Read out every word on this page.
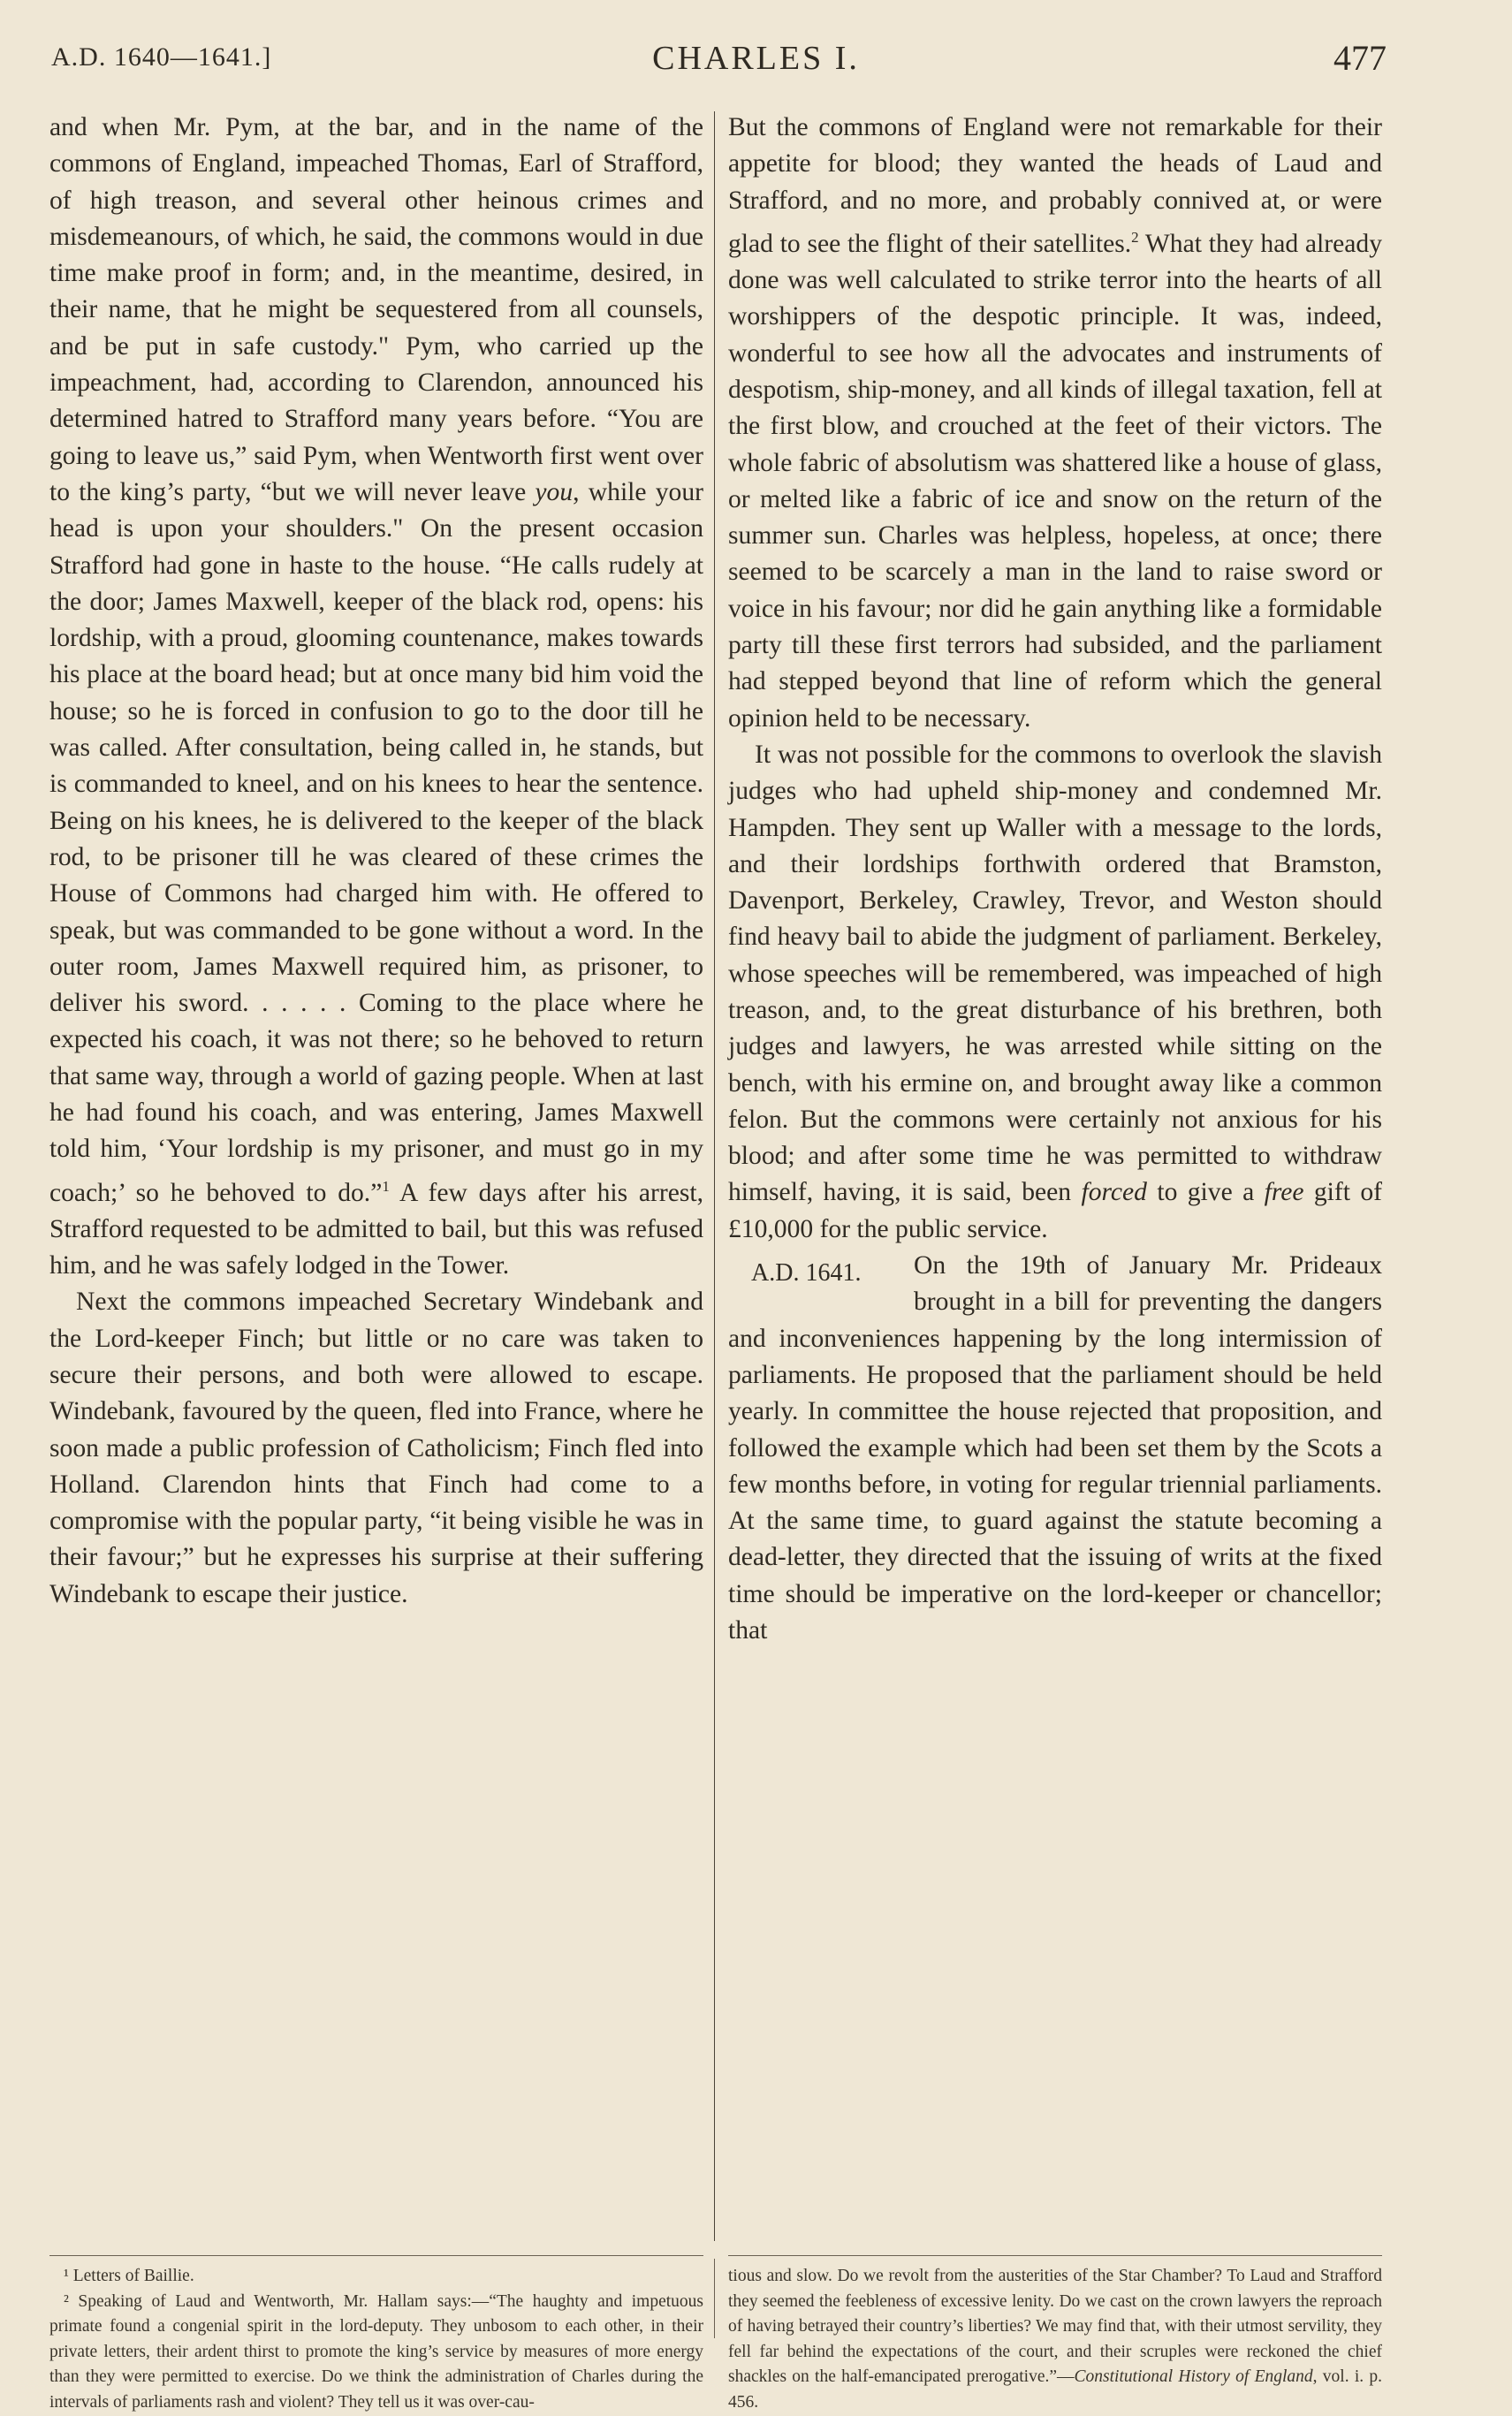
A.D. 1640—1641.]	CHARLES I.	477

and when Mr. Pym, at the bar, and in the name of the commons of England, impeached Thomas, Earl of Strafford, of high treason, and several other heinous crimes and misdemeanours, of which, he said, the commons would in due time make proof in form; and, in the meantime, desired, in their name, that he might be sequestered from all counsels, and be put in safe custody." Pym, who carried up the impeachment, had, according to Clarendon, announced his determined hatred to Strafford many years before. “You are going to leave us,” said Pym, when Wentworth first went over to the king’s party, “but we will never leave you, while your head is upon your shoulders." On the present occasion Strafford had gone in haste to the house. “He calls rudely at the door; James Maxwell, keeper of the black rod, opens: his lordship, with a proud, glooming countenance, makes towards his place at the board head; but at once many bid him void the house; so he is forced in confusion to go to the door till he was called. After consultation, being called in, he stands, but is commanded to kneel, and on his knees to hear the sentence. Being on his knees, he is delivered to the keeper of the black rod, to be prisoner till he was cleared of these crimes the House of Commons had charged him with. He offered to speak, but was commanded to be gone without a word. In the outer room, James Maxwell required him, as prisoner, to deliver his sword. . . . . . Coming to the place where he expected his coach, it was not there; so he behoved to return that same way, through a world of gazing people. When at last he had found his coach, and was entering, James Maxwell told him, ‘Your lordship is my prisoner, and must go in my coach;’ so he behoved to do.”$^1$ A few days after his arrest, Strafford requested to be admitted to bail, but this was refused him, and he was safely lodged in the Tower.

Next the commons impeached Secretary Windebank and the Lord-keeper Finch; but little or no care was taken to secure their persons, and both were allowed to escape. Windebank, favoured by the queen, fled into France, where he soon made a public profession of Catholicism; Finch fled into Holland. Clarendon hints that Finch had come to a compromise with the popular party, “it being visible he was in their favour;” but he expresses his surprise at their suffering Windebank to escape their justice.

But the commons of England were not remarkable for their appetite for blood; they wanted the heads of Laud and Strafford, and no more, and probably connived at, or were glad to see the flight of their satellites.$^2$ What they had already done was well calculated to strike terror into the hearts of all worshippers of the despotic principle. It was, indeed, wonderful to see how all the advocates and instruments of despotism, ship-money, and all kinds of illegal taxation, fell at the first blow, and crouched at the feet of their victors. The whole fabric of absolutism was shattered like a house of glass, or melted like a fabric of ice and snow on the return of the summer sun. Charles was helpless, hopeless, at once; there seemed to be scarcely a man in the land to raise sword or voice in his favour; nor did he gain anything like a formidable party till these first terrors had subsided, and the parliament had stepped beyond that line of reform which the general opinion held to be necessary.

It was not possible for the commons to overlook the slavish judges who had upheld ship-money and condemned Mr. Hampden. They sent up Waller with a message to the lords, and their lordships forthwith ordered that Bramston, Davenport, Berkeley, Crawley, Trevor, and Weston should find heavy bail to abide the judgment of parliament. Berkeley, whose speeches will be remembered, was impeached of high treason, and, to the great disturbance of his brethren, both judges and lawyers, he was arrested while sitting on the bench, with his ermine on, and brought away like a common felon. But the commons were certainly not anxious for his blood; and after some time he was permitted to withdraw himself, having, it is said, been forced to give a free gift of £10,000 for the public service.

A.D. 1641.	On the 19th of January Mr. Prideaux brought in a bill for preventing the dangers and inconveniences happening by the long intermission of parliaments. He proposed that the parliament should be held yearly. In committee the house rejected that proposition, and followed the example which had been set them by the Scots a few months before, in voting for regular triennial parliaments. At the same time, to guard against the statute becoming a dead-letter, they directed that the issuing of writs at the fixed time should be imperative on the lord-keeper or chancellor; that

¹ Letters of Baillie.

² Speaking of Laud and Wentworth, Mr. Hallam says:—“The haughty and impetuous primate found a congenial spirit in the lord-deputy. They unbosom to each other, in their private letters, their ardent thirst to promote the king’s service by measures of more energy than they were permitted to exercise. Do we think the administration of Charles during the intervals of parliaments rash and violent? They tell us it was over-cau-

tious and slow. Do we revolt from the austerities of the Star Chamber? To Laud and Strafford they seemed the feebleness of excessive lenity. Do we cast on the crown lawyers the reproach of having betrayed their country’s liberties? We may find that, with their utmost servility, they fell far behind the expectations of the court, and their scruples were reckoned the chief shackles on the half-emancipated prerogative.”—Constitutional History of England, vol. i. p. 456.
